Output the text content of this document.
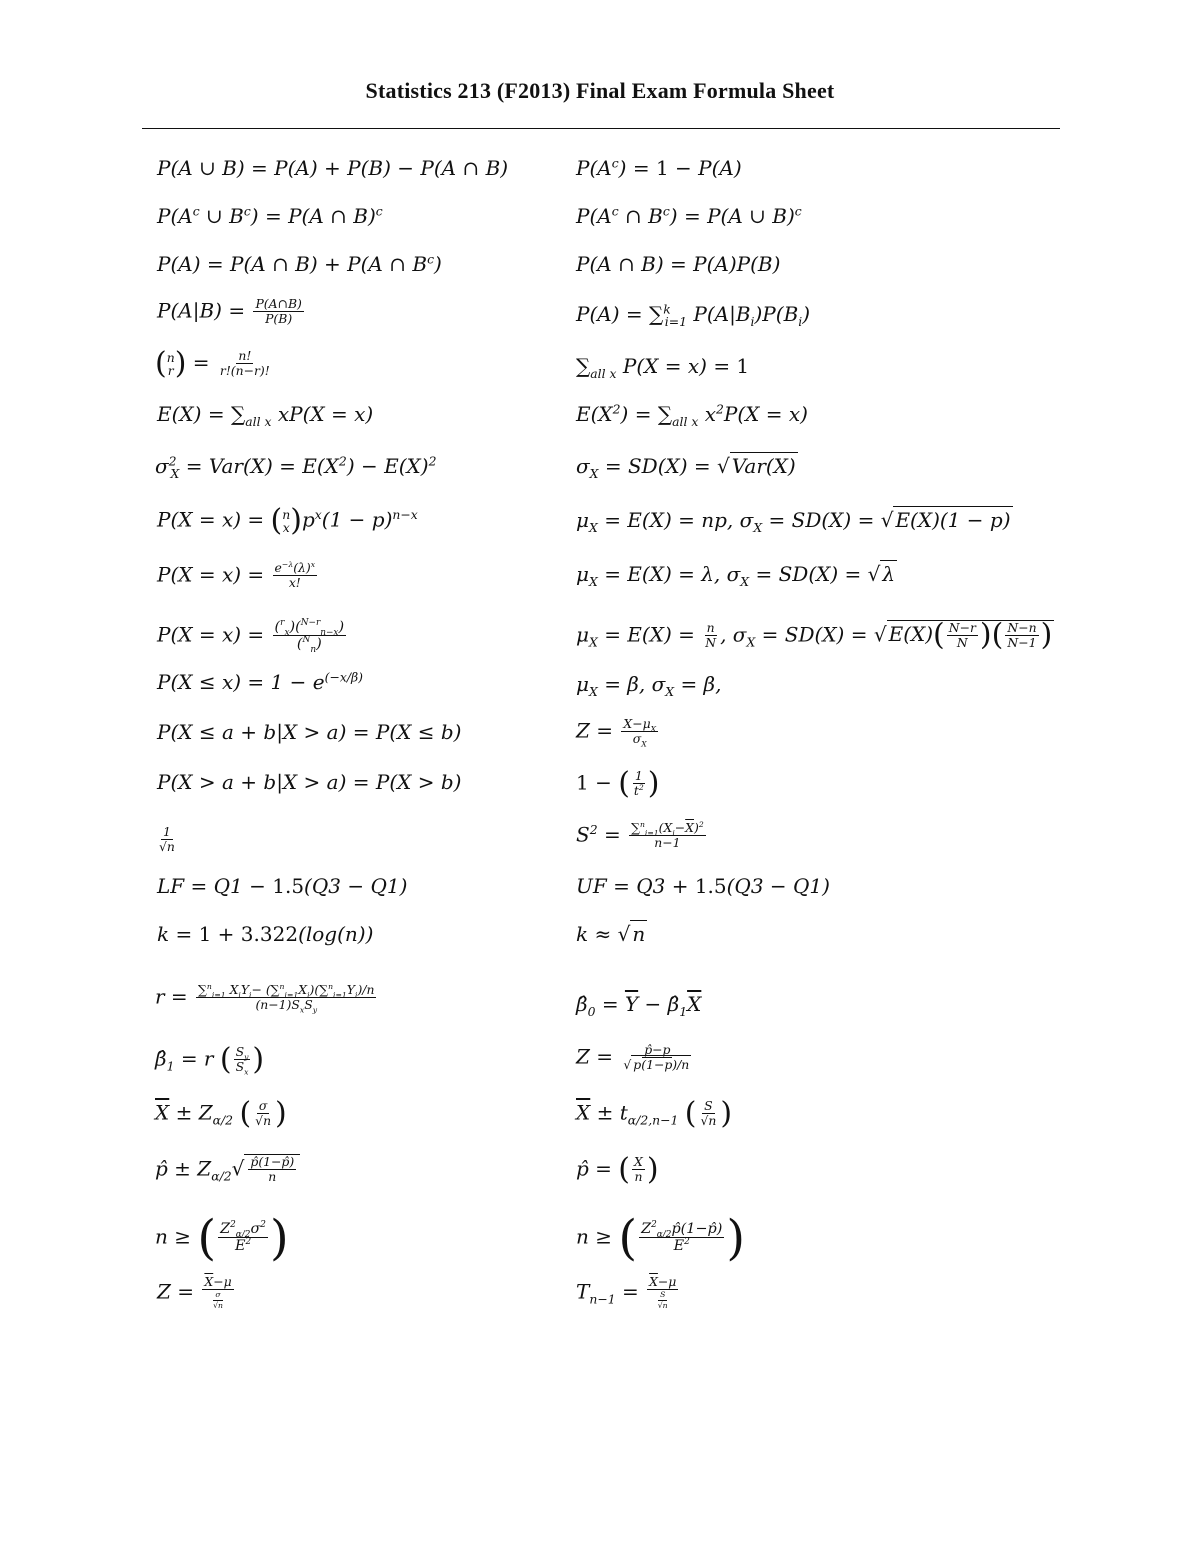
Statistics 213 (F2013) Final Exam Formula Sheet
P(A ∪ B) = P(A) + P(B) − P(A ∩ B)
$P(A^c$ ∪ $B^c) = P(A$ ∩ B)$^c$
P(A) = P(A ∩ B) + P(A ∩ $B^c$)
$P(A|B) = \frac{P(A\cap B)}{P(B)}$
( n
r ) = $\frac{n!}{r!(n-r)!}$
$E(X) = \sum_{all x}$ xP(X = x)
$\sigma^2_X = Var(X) = E(X^2) - E(X)^2$
P(X = x) = ( n
x )$p^x(1 - p)^{n-x}$
$P(X = x) = \frac{e^{-\lambda}(\lambda)^x}{x!}$
$P(X = x) = \frac{(^r_x)(^{N-r}_{n-x})}{(^N_n)}$
$P(X \le x) = 1 - e^{(-x/\beta)}$
P(X ≤ a + b|X > a) = P(X ≤ b)
P(X > a + b|X > a) = P(X > b)
$\frac{1}{√n}$
LF = Q1 − 1.5(Q3 − Q1)
k = 1 + 3.322(log(n))
$r = \frac{\sum^n_{i=1} X_iY_i- (\sum^n_{i=1}X_i)(\sum^n_{i=1}Y_i)/n}{(n-1)S_xS_y}$
$\betâ_1 = r$ ( $\frac{S_y}{S_x}$ )
$\overline{X} \pm Z_{\alpha/2}$ ( $\frac{\sigma}{√n}$ )
p̂ ± $Z_{\alpha/2}√ \frac{p̂(1-p̂)}{n}$
n ≥ ( $\frac{Z^2_{\alpha/2}\sigma^2}{E^2}$ )
$Z = \frac{\overline{X}-\mu}{\frac{\sigma}{√n}}$
$P(A^c) = 1 - P(A)$
$P(A^c$ ∩ $B^c) = P(A$ ∪ B)$^c$
P(A ∩ B) = P(A)P(B)
P(A) = ∑$^k_{i=1}$ $P(A|B_i)P(B_i)$
$\sum_{all x}$ P(X = x) = 1
$E(X^2) = \sum_{all x}$ $x^2P(X = x)$
$\sigma_X = SD(X)$ = √ Var(X)
$\mu_X = E(X)$ = np, $\sigma_X = SD(X)$ = √ E(X)(1 − p)
$\mu_X = E(X) = \lambda$, $\sigma_X = SD(X)$ = √ λ
$\mu_X = E(X) = \frac{n}{N}$ , $\sigma_X = SD(X)$ = √ $E(X)( \frac{N-r}{N}$ )( $\frac{N-n}{N-1}$ )
$\mu_X = \beta$, $\sigma_X = \beta$,
$Z = \frac{X-\mu_X}{\sigma_X}$
1 − ( $\frac{1}{t^2}$ )
$S^2 = \frac{\sum^n_{i=1}(X_i-\overline{X})^2}{n-1}$
UF = Q3 + 1.5(Q3 − Q1)
k ≈ √ n
$\betâ_0 = \overline{Y}$ − $\betâ_1\overline{X}$
$Z = \frac{p̂-p}{√ p(1-p)/n}$
$\overline{X} \pm t_{\alpha/2,n-1}$ ( $\frac{S}{√n}$ )
p̂ = ( $\frac{X}{n}$ )
n ≥ ( $\frac{Z^2_{\alpha/2}p̂(1-p̂)}{E^2}$ )
$T_{n-1} = \frac{\overline{X}-\mu}{\frac{S}{√n}}$
